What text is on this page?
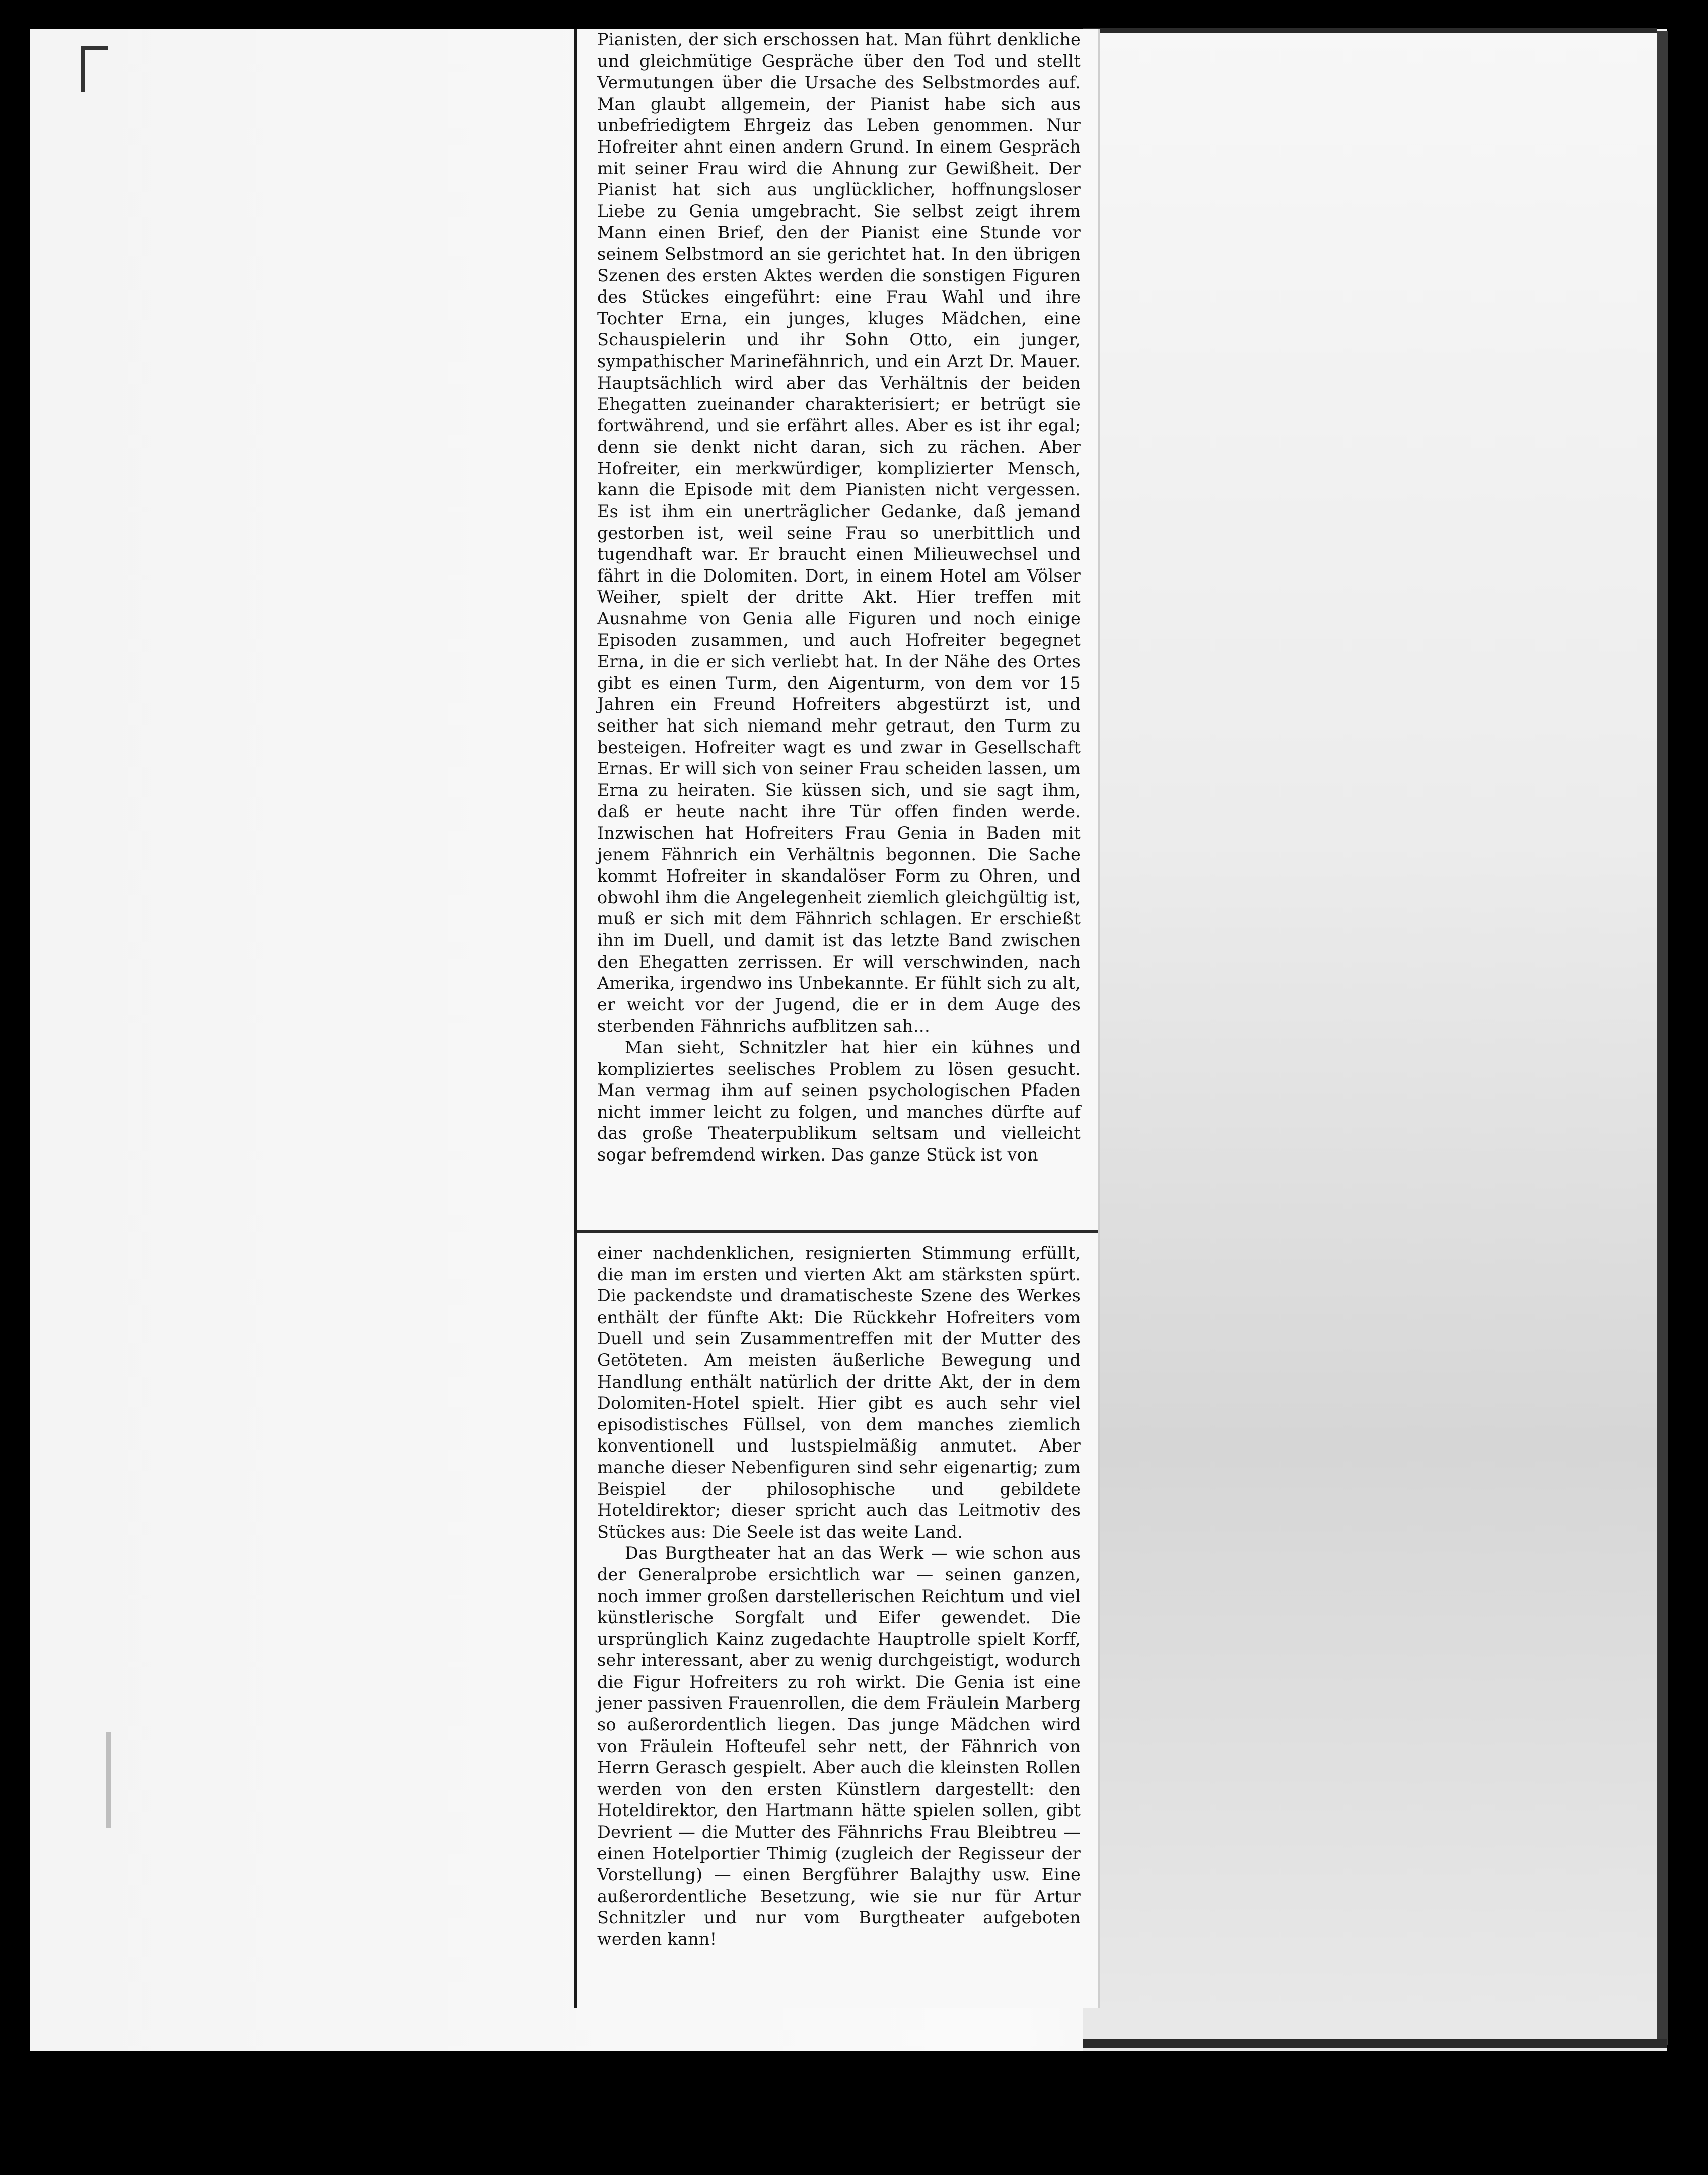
Pianisten, der sich erschossen hat. Man führt denkliche und gleichmütige Gespräche über den Tod und stellt Vermutungen über die Ursache des Selbstmordes auf. Man glaubt allgemein, der Pianist habe sich aus unbefriedigtem Ehrgeiz das Leben genommen. Nur Hofreiter ahnt einen andern Grund. In einem Gespräch mit seiner Frau wird die Ahnung zur Gewißheit. Der Pianist hat sich aus unglücklicher, hoffnungsloser Liebe zu Genia umgebracht. Sie selbst zeigt ihrem Mann einen Brief, den der Pianist eine Stunde vor seinem Selbstmord an sie gerichtet hat. In den übrigen Szenen des ersten Aktes werden die sonstigen Figuren des Stückes eingeführt: eine Frau Wahl und ihre Tochter Erna, ein junges, kluges Mädchen, eine Schauspielerin und ihr Sohn Otto, ein junger, sympathischer Marinefähnrich, und ein Arzt Dr. Mauer. Hauptsächlich wird aber das Verhältnis der beiden Ehegatten zueinander charakterisiert; er betrügt sie fortwährend, und sie erfährt alles. Aber es ist ihr egal; denn sie denkt nicht daran, sich zu rächen. Aber Hofreiter, ein merkwürdiger, komplizierter Mensch, kann die Episode mit dem Pianisten nicht vergessen. Es ist ihm ein unerträglicher Gedanke, daß jemand gestorben ist, weil seine Frau so unerbittlich und tugendhaft war. Er braucht einen Milieuwechsel und fährt in die Dolomiten. Dort, in einem Hotel am Völser Weiher, spielt der dritte Akt. Hier treffen mit Ausnahme von Genia alle Figuren und noch einige Episoden zusammen, und auch Hofreiter begegnet Erna, in die er sich verliebt hat. In der Nähe des Ortes gibt es einen Turm, den Aigenturm, von dem vor 15 Jahren ein Freund Hofreiters abgestürzt ist, und seither hat sich niemand mehr getraut, den Turm zu besteigen. Hofreiter wagt es und zwar in Gesellschaft Ernas. Er will sich von seiner Frau scheiden lassen, um Erna zu heiraten. Sie küssen sich, und sie sagt ihm, daß er heute nacht ihre Tür offen finden werde. Inzwischen hat Hofreiters Frau Genia in Baden mit jenem Fähnrich ein Verhältnis begonnen. Die Sache kommt Hofreiter in skandalöser Form zu Ohren, und obwohl ihm die Angelegenheit ziemlich gleichgültig ist, muß er sich mit dem Fähnrich schlagen. Er erschießt ihn im Duell, und damit ist das letzte Band zwischen den Ehegatten zerrissen. Er will verschwinden, nach Amerika, irgendwo ins Unbekannte. Er fühlt sich zu alt, er weicht vor der Jugend, die er in dem Auge des sterbenden Fähnrichs aufblitzen sah…

Man sieht, Schnitzler hat hier ein kühnes und kompliziertes seelisches Problem zu lösen gesucht. Man vermag ihm auf seinen psychologischen Pfaden nicht immer leicht zu folgen, und manches dürfte auf das große Theaterpublikum seltsam und vielleicht sogar befremdend wirken. Das ganze Stück ist von

einer nachdenklichen, resignierten Stimmung erfüllt, die man im ersten und vierten Akt am stärksten spürt. Die packendste und dramatischeste Szene des Werkes enthält der fünfte Akt: Die Rückkehr Hofreiters vom Duell und sein Zusammentreffen mit der Mutter des Getöteten. Am meisten äußerliche Bewegung und Handlung enthält natürlich der dritte Akt, der in dem Dolomiten-Hotel spielt. Hier gibt es auch sehr viel episodistisches Füllsel, von dem manches ziemlich konventionell und lustspielmäßig anmutet. Aber manche dieser Nebenfiguren sind sehr eigenartig; zum Beispiel der philosophische und gebildete Hoteldirektor; dieser spricht auch das Leitmotiv des Stückes aus: Die Seele ist das weite Land.

Das Burgtheater hat an das Werk — wie schon aus der Generalprobe ersichtlich war — seinen ganzen, noch immer großen darstellerischen Reichtum und viel künstlerische Sorgfalt und Eifer gewendet. Die ursprünglich Kainz zugedachte Hauptrolle spielt Korff, sehr interessant, aber zu wenig durchgeistigt, wodurch die Figur Hofreiters zu roh wirkt. Die Genia ist eine jener passiven Frauenrollen, die dem Fräulein Marberg so außerordentlich liegen. Das junge Mädchen wird von Fräulein Hofteufel sehr nett, der Fähnrich von Herrn Gerasch gespielt. Aber auch die kleinsten Rollen werden von den ersten Künstlern dargestellt: den Hoteldirektor, den Hartmann hätte spielen sollen, gibt Devrient — die Mutter des Fähnrichs Frau Bleibtreu — einen Hotelportier Thimig (zugleich der Regisseur der Vorstellung) — einen Bergführer Balajthy usw. Eine außerordentliche Besetzung, wie sie nur für Artur Schnitzler und nur vom Burgtheater aufgeboten werden kann!
